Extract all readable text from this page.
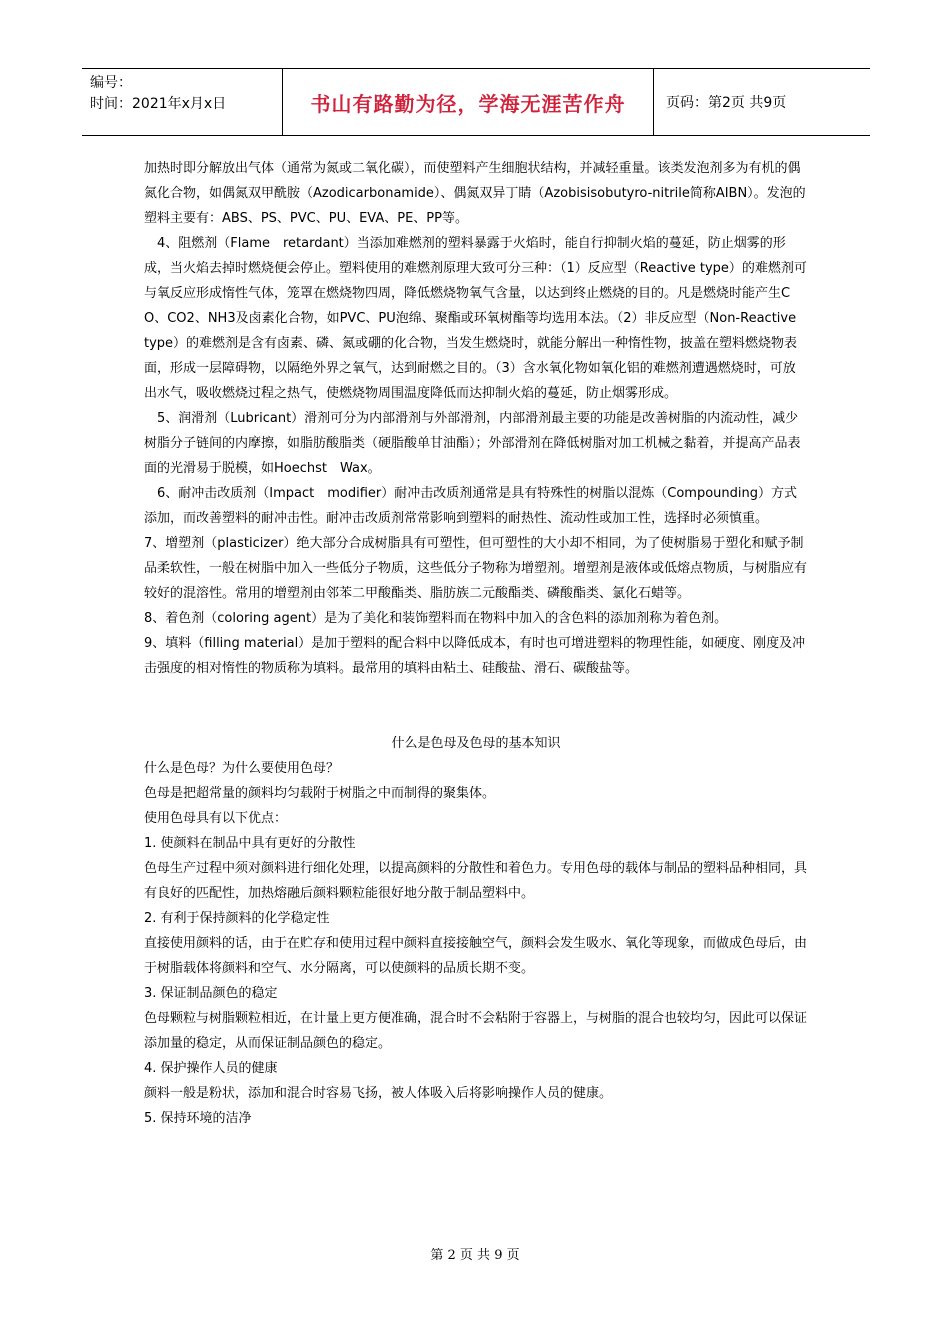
编号：
时间：2021年x月x日	书山有路勤为径，学海无涯苦作舟	页码：第2页 共9页

加热时即分解放出气体（通常为氮或二氧化碳），而使塑料产生细胞状结构，并减轻重量。该类发泡剂多为有机的偶氮化合物，如偶氮双甲酰胺（Azodicarbonamide）、偶氮双异丁睛（Azobisisobutyro-nitrile简称AIBN）。发泡的塑料主要有：ABS、PS、PVC、PU、EVA、PE、PP等。

4、阻燃剂（Flame　retardant）当添加难燃剂的塑料暴露于火焰时，能自行抑制火焰的蔓延，防止烟雾的形成，当火焰去掉时燃烧便会停止。塑料使用的难燃剂原理大致可分三种：（1）反应型（Reactive type）的难燃剂可与氧反应形成惰性气体，笼罩在燃烧物四周，降低燃烧物氧气含量，以达到终止燃烧的目的。凡是燃烧时能产生CO、CO2、NH3及卤素化合物，如PVC、PU泡绵、聚酯或环氧树酯等均选用本法。（2）非反应型（Non-Reactive　type）的难燃剂是含有卤素、磷、氮或硼的化合物，当发生燃烧时，就能分解出一种惰性物，披盖在塑料燃烧物表面，形成一层障碍物，以隔绝外界之氧气，达到耐燃之目的。（3）含水氧化物如氧化铝的难燃剂遭遇燃烧时，可放出水气，吸收燃烧过程之热气，使燃烧物周围温度降低而达抑制火焰的蔓延，防止烟雾形成。

5、润滑剂（Lubricant）滑剂可分为内部滑剂与外部滑剂，内部滑剂最主要的功能是改善树脂的内流动性，减少树脂分子链间的内摩擦，如脂肪酸脂类（硬脂酸单甘油酯）；外部滑剂在降低树脂对加工机械之黏着，并提高产品表面的光滑易于脱模，如Hoechst　Wax。

6、耐冲击改质剂（Impact　modifier）耐冲击改质剂通常是具有特殊性的树脂以混炼（Compounding）方式添加，而改善塑料的耐冲击性。耐冲击改质剂常常影响到塑料的耐热性、流动性或加工性，选择时必须慎重。

7、增塑剂（plasticizer）绝大部分合成树脂具有可塑性，但可塑性的大小却不相同，为了使树脂易于塑化和赋予制品柔软性，一般在树脂中加入一些低分子物质，这些低分子物称为增塑剂。增塑剂是液体或低熔点物质，与树脂应有较好的混溶性。常用的增塑剂由邻苯二甲酸酯类、脂肪族二元酸酯类、磷酸酯类、氯化石蜡等。

8、着色剂（coloring agent）是为了美化和装饰塑料而在物料中加入的含色料的添加剂称为着色剂。

9、填料（filling material）是加于塑料的配合料中以降低成本，有时也可增进塑料的物理性能，如硬度、刚度及冲击强度的相对惰性的物质称为填料。最常用的填料由粘土、硅酸盐、滑石、碳酸盐等。

什么是色母及色母的基本知识

什么是色母？为什么要使用色母？

色母是把超常量的颜料均匀载附于树脂之中而制得的聚集体。

使用色母具有以下优点：

1. 使颜料在制品中具有更好的分散性

色母生产过程中须对颜料进行细化处理，以提高颜料的分散性和着色力。专用色母的载体与制品的塑料品种相同，具有良好的匹配性，加热熔融后颜料颗粒能很好地分散于制品塑料中。

2. 有利于保持颜料的化学稳定性

直接使用颜料的话，由于在贮存和使用过程中颜料直接接触空气，颜料会发生吸水、氧化等现象，而做成色母后，由于树脂载体将颜料和空气、水分隔离，可以使颜料的品质长期不变。

3. 保证制品颜色的稳定

色母颗粒与树脂颗粒相近，在计量上更方便准确，混合时不会粘附于容器上，与树脂的混合也较均匀，因此可以保证添加量的稳定，从而保证制品颜色的稳定。

4. 保护操作人员的健康

颜料一般是粉状，添加和混合时容易飞扬，被人体吸入后将影响操作人员的健康。

5. 保持环境的洁净

第 2 页 共 9 页
